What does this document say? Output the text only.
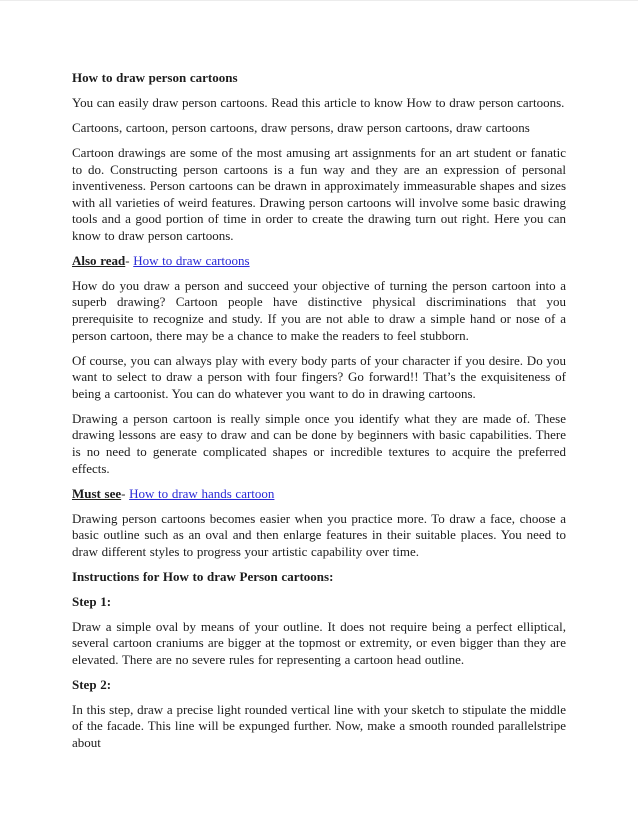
How to draw person cartoons
You can easily draw person cartoons. Read this article to know How to draw person cartoons.
Cartoons, cartoon, person cartoons, draw persons, draw person cartoons, draw cartoons
Cartoon drawings are some of the most amusing art assignments for an art student or fanatic to do. Constructing person cartoons is a fun way and they are an expression of personal inventiveness. Person cartoons can be drawn in approximately immeasurable shapes and sizes with all varieties of weird features. Drawing person cartoons will involve some basic drawing tools and a good portion of time in order to create the drawing turn out right. Here you can know to draw person cartoons.
Also read- How to draw cartoons
How do you draw a person and succeed your objective of turning the person cartoon into a superb drawing? Cartoon people have distinctive physical discriminations that you prerequisite to recognize and study. If you are not able to draw a simple hand or nose of a person cartoon, there may be a chance to make the readers to feel stubborn.
Of course, you can always play with every body parts of your character if you desire. Do you want to select to draw a person with four fingers? Go forward!! That’s the exquisiteness of being a cartoonist. You can do whatever you want to do in drawing cartoons.
Drawing a person cartoon is really simple once you identify what they are made of. These drawing lessons are easy to draw and can be done by beginners with basic capabilities. There is no need to generate complicated shapes or incredible textures to acquire the preferred effects.
Must see- How to draw hands cartoon
Drawing person cartoons becomes easier when you practice more. To draw a face, choose a basic outline such as an oval and then enlarge features in their suitable places. You need to draw different styles to progress your artistic capability over time.
Instructions for How to draw Person cartoons:
Step 1:
Draw a simple oval by means of your outline. It does not require being a perfect elliptical, several cartoon craniums are bigger at the topmost or extremity, or even bigger than they are elevated. There are no severe rules for representing a cartoon head outline.
Step 2:
In this step, draw a precise light rounded vertical line with your sketch to stipulate the middle of the facade. This line will be expunged further. Now, make a smooth rounded parallelstripe about
